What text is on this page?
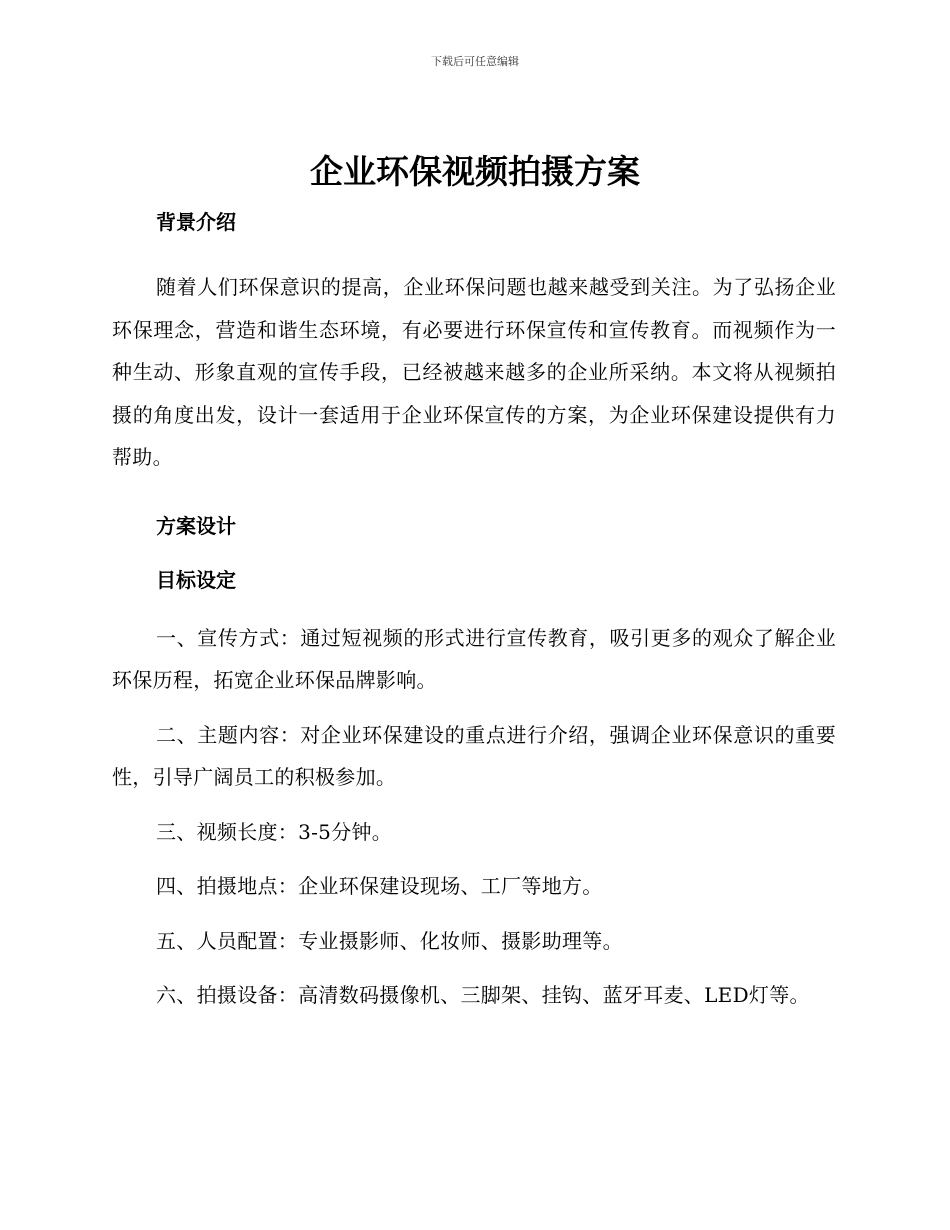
下载后可任意编辑
企业环保视频拍摄方案
背景介绍

随着人们环保意识的提高，企业环保问题也越来越受到关注。为了弘扬企业环保理念，营造和谐生态环境，有必要进行环保宣传和宣传教育。而视频作为一种生动、形象直观的宣传手段，已经被越来越多的企业所采纳。本文将从视频拍摄的角度出发，设计一套适用于企业环保宣传的方案，为企业环保建设提供有力帮助。

方案设计
目标设定

一、宣传方式：通过短视频的形式进行宣传教育，吸引更多的观众了解企业环保历程，拓宽企业环保品牌影响。

二、主题内容：对企业环保建设的重点进行介绍，强调企业环保意识的重要性，引导广阔员工的积极参加。

三、视频长度：3-5分钟。

四、拍摄地点：企业环保建设现场、工厂等地方。

五、人员配置：专业摄影师、化妆师、摄影助理等。

六、拍摄设备：高清数码摄像机、三脚架、挂钩、蓝牙耳麦、LED灯等。
